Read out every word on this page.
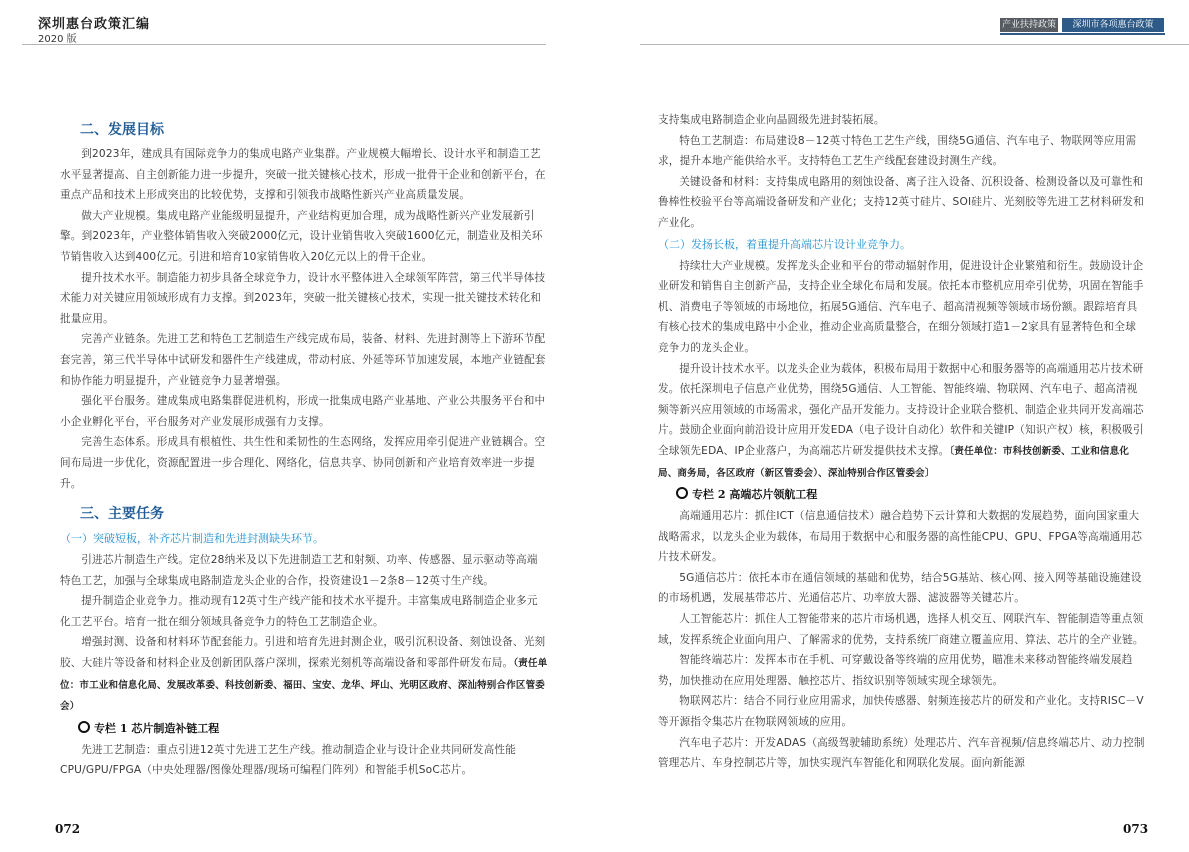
深圳惠台政策汇编
2020 版
产业扶持政策	深圳市各项惠台政策
二、发展目标

到2023年，建成具有国际竞争力的集成电路产业集群。产业规模大幅增长、设计水平和制造工艺水平显著提高、自主创新能力进一步提升，突破一批关键核心技术，形成一批骨干企业和创新平台，在重点产品和技术上形成突出的比较优势，支撑和引领我市战略性新兴产业高质量发展。

做大产业规模。集成电路产业能级明显提升，产业结构更加合理，成为战略性新兴产业发展新引擎。到2023年，产业整体销售收入突破2000亿元，设计业销售收入突破1600亿元，制造业及相关环节销售收入达到400亿元。引进和培育10家销售收入20亿元以上的骨干企业。

提升技术水平。制造能力初步具备全球竞争力，设计水平整体进入全球领军阵营，第三代半导体技术能力对关键应用领域形成有力支撑。到2023年，突破一批关键核心技术，实现一批关键技术转化和批量应用。

完善产业链条。先进工艺和特色工艺制造生产线完成布局，装备、材料、先进封测等上下游环节配套完善，第三代半导体中试研发和器件生产线建成，带动村底、外延等环节加速发展，本地产业链配套和协作能力明显提升，产业链竞争力显著增强。

强化平台服务。建成集成电路集群促进机构，形成一批集成电路产业基地、产业公共服务平台和中小企业孵化平台，平台服务对产业发展形成强有力支撑。

完善生态体系。形成具有根植性、共生性和柔韧性的生态网络，发挥应用牵引促进产业链耦合。空间布局进一步优化，资源配置进一步合理化、网络化，信息共享、协同创新和产业培育效率进一步提升。

三、主要任务

（一）突破短板，补齐芯片制造和先进封测缺失环节。

引进芯片制造生产线。定位28纳米及以下先进制造工艺和射频、功率、传感器、显示驱动等高端特色工艺，加强与全球集成电路制造龙头企业的合作，投资建设1－2条8－12英寸生产线。

提升制造企业竞争力。推动现有12英寸生产线产能和技术水平提升。丰富集成电路制造企业多元化工艺平台。培育一批在细分领域具备竞争力的特色工艺制造企业。

增强封测、设备和材料环节配套能力。引进和培育先进封测企业，吸引沉积设备、刻蚀设备、光刻胶、大硅片等设备和材料企业及创新团队落户深圳，探索光刻机等高端设备和零部件研发布局。（责任单位：市工业和信息化局、发展改革委、科技创新委、福田、宝安、龙华、坪山、光明区政府、深汕特别合作区管委会）

专栏 1 芯片制造补链工程

先进工艺制造：重点引进12英寸先进工艺生产线。推动制造企业与设计企业共同研发高性能CPU/GPU/FPGA（中央处理器/图像处理器/现场可编程门阵列）和智能手机SoC芯片。

支持集成电路制造企业向晶圆级先进封装拓展。

特色工艺制造：布局建设8－12英寸特色工艺生产线，围绕5G通信、汽车电子、物联网等应用需求，提升本地产能供给水平。支持特色工艺生产线配套建设封测生产线。

关键设备和材料：支持集成电路用的刻蚀设备、离子注入设备、沉积设备、检测设备以及可靠性和鲁棒性校验平台等高端设备研发和产业化；支持12英寸硅片、SOI硅片、光刻胶等先进工艺材料研发和产业化。

（二）发扬长板，着重提升高端芯片设计业竞争力。

持续壮大产业规模。发挥龙头企业和平台的带动辐射作用，促进设计企业繁殖和衍生。鼓励设计企业研发和销售自主创新产品，支持企业全球化布局和发展。依托本市整机应用牵引优势，巩固在智能手机、消费电子等领域的市场地位，拓展5G通信、汽车电子、超高清视频等领域市场份额。跟踪培育具有核心技术的集成电路中小企业，推动企业高质量整合，在细分领域打造1－2家具有显著特色和全球竞争力的龙头企业。

提升设计技术水平。以龙头企业为载体，积极布局用于数据中心和服务器等的高端通用芯片技术研发。依托深圳电子信息产业优势，围绕5G通信、人工智能、智能终端、物联网、汽车电子、超高清视频等新兴应用领域的市场需求，强化产品开发能力。支持设计企业联合整机、制造企业共同开发高端芯片。鼓励企业面向前沿设计应用开发EDA（电子设计自动化）软件和关键IP（知识产权）核，积极吸引全球领先EDA、IP企业落户，为高端芯片研发提供技术支撑。〔责任单位：市科技创新委、工业和信息化局、商务局，各区政府（新区管委会）、深汕特别合作区管委会〕

专栏 2 高端芯片领航工程

高端通用芯片：抓住ICT（信息通信技术）融合趋势下云计算和大数据的发展趋势，面向国家重大战略需求，以龙头企业为载体，布局用于数据中心和服务器的高性能CPU、GPU、FPGA等高端通用芯片技术研发。

5G通信芯片：依托本市在通信领域的基础和优势，结合5G基站、核心网、接入网等基础设施建设的市场机遇，发展基带芯片、光通信芯片、功率放大器、滤波器等关键芯片。

人工智能芯片：抓住人工智能带来的芯片市场机遇，选择人机交互、网联汽车、智能制造等重点领域，发挥系统企业面向用户、了解需求的优势，支持系统厂商建立覆盖应用、算法、芯片的全产业链。

智能终端芯片：发挥本市在手机、可穿戴设备等终端的应用优势，瞄准未来移动智能终端发展趋势，加快推动在应用处理器、触控芯片、指纹识别等领域实现全球领先。

物联网芯片：结合不同行业应用需求，加快传感器、射频连接芯片的研发和产业化。支持RISC－V等开源指令集芯片在物联网领域的应用。

汽车电子芯片：开发ADAS（高级驾驶辅助系统）处理芯片、汽车音视频/信息终端芯片、动力控制管理芯片、车身控制芯片等，加快实现汽车智能化和网联化发展。面向新能源

072	073
